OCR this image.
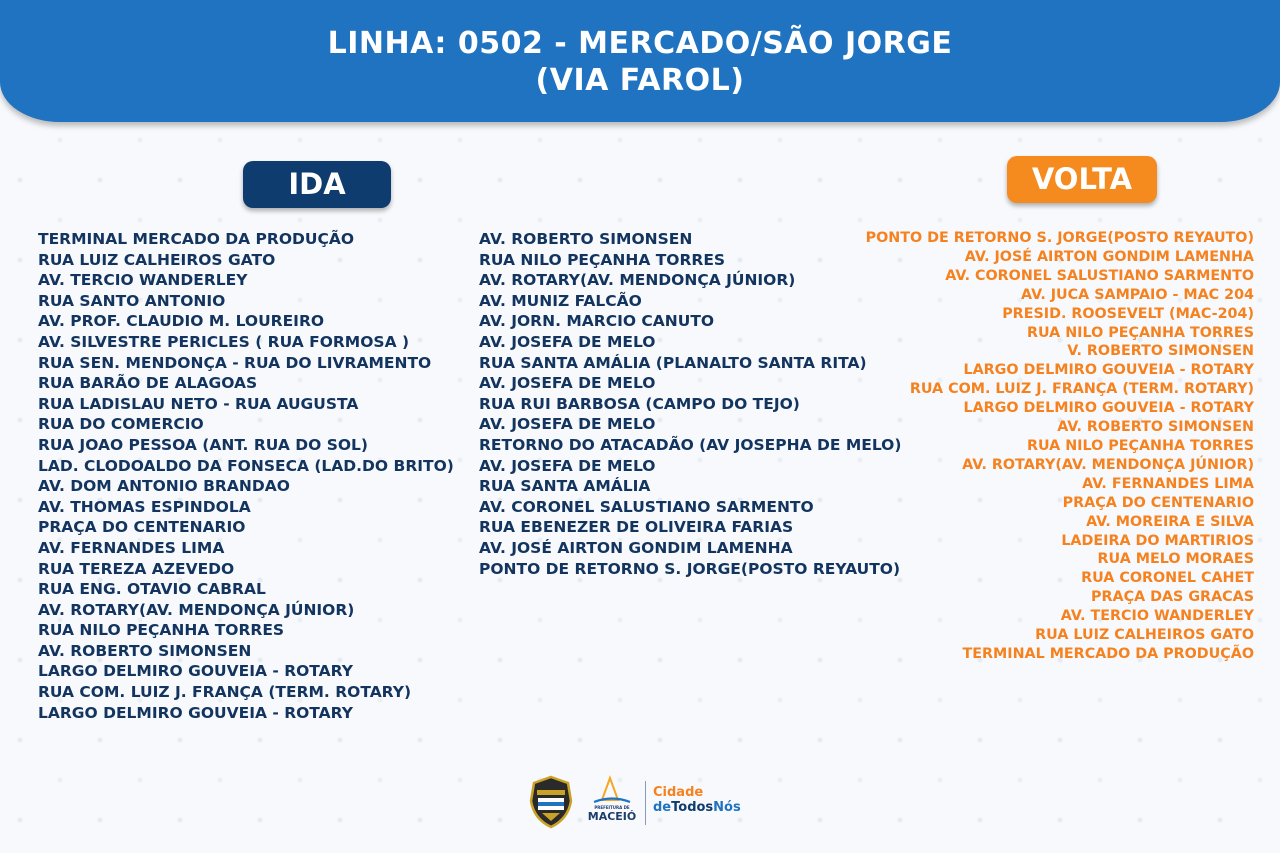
LINHA: 0502 - MERCADO/SÃO JORGE
(VIA FAROL)
IDA	VOLTA
TERMINAL MERCADO DA PRODUÇÃO
RUA LUIZ CALHEIROS GATO
AV. TERCIO WANDERLEY
RUA SANTO ANTONIO
AV. PROF. CLAUDIO M. LOUREIRO
AV. SILVESTRE PERICLES ( RUA FORMOSA )
RUA SEN. MENDONÇA - RUA DO LIVRAMENTO
RUA BARÃO DE ALAGOAS
RUA LADISLAU NETO - RUA AUGUSTA
RUA DO COMERCIO
RUA JOAO PESSOA (ANT. RUA DO SOL)
LAD. CLODOALDO DA FONSECA (LAD.DO BRITO)
AV. DOM ANTONIO BRANDAO
AV. THOMAS ESPINDOLA
PRAÇA DO CENTENARIO
AV. FERNANDES LIMA
RUA TEREZA AZEVEDO
RUA ENG. OTAVIO CABRAL
AV. ROTARY(AV. MENDONÇA JÚNIOR)
RUA NILO PEÇANHA TORRES
AV. ROBERTO SIMONSEN
LARGO DELMIRO GOUVEIA - ROTARY
RUA COM. LUIZ J. FRANÇA (TERM. ROTARY)
LARGO DELMIRO GOUVEIA - ROTARY
AV. ROBERTO SIMONSEN
RUA NILO PEÇANHA TORRES
AV. ROTARY(AV. MENDONÇA JÚNIOR)
AV. MUNIZ FALCÃO
AV. JORN. MARCIO CANUTO
AV. JOSEFA DE MELO
RUA SANTA AMÁLIA (PLANALTO SANTA RITA)
AV. JOSEFA DE MELO
RUA RUI BARBOSA (CAMPO DO TEJO)
AV. JOSEFA DE MELO
RETORNO DO ATACADÃO (AV JOSEPHA DE MELO)
AV. JOSEFA DE MELO
RUA SANTA AMÁLIA
AV. CORONEL SALUSTIANO SARMENTO
RUA EBENEZER DE OLIVEIRA FARIAS
AV. JOSÉ AIRTON GONDIM LAMENHA
PONTO DE RETORNO S. JORGE(POSTO REYAUTO)
PONTO DE RETORNO S. JORGE(POSTO REYAUTO)
AV. JOSÉ AIRTON GONDIM LAMENHA
AV. CORONEL SALUSTIANO SARMENTO
AV. JUCA SAMPAIO - MAC 204
PRESID. ROOSEVELT (MAC-204)
RUA NILO PEÇANHA TORRES
V. ROBERTO SIMONSEN
LARGO DELMIRO GOUVEIA - ROTARY
RUA COM. LUIZ J. FRANÇA (TERM. ROTARY)
LARGO DELMIRO GOUVEIA - ROTARY
AV. ROBERTO SIMONSEN
RUA NILO PEÇANHA TORRES
AV. ROTARY(AV. MENDONÇA JÚNIOR)
AV. FERNANDES LIMA
PRAÇA DO CENTENARIO
AV. MOREIRA E SILVA
LADEIRA DO MARTIRIOS
RUA MELO MORAES
RUA CORONEL CAHET
PRAÇA DAS GRACAS
AV. TERCIO WANDERLEY
RUA LUIZ CALHEIROS GATO
TERMINAL MERCADO DA PRODUÇÃO
PREFEITURA DE
MACEIÓ
Cidade
deTodosNós
